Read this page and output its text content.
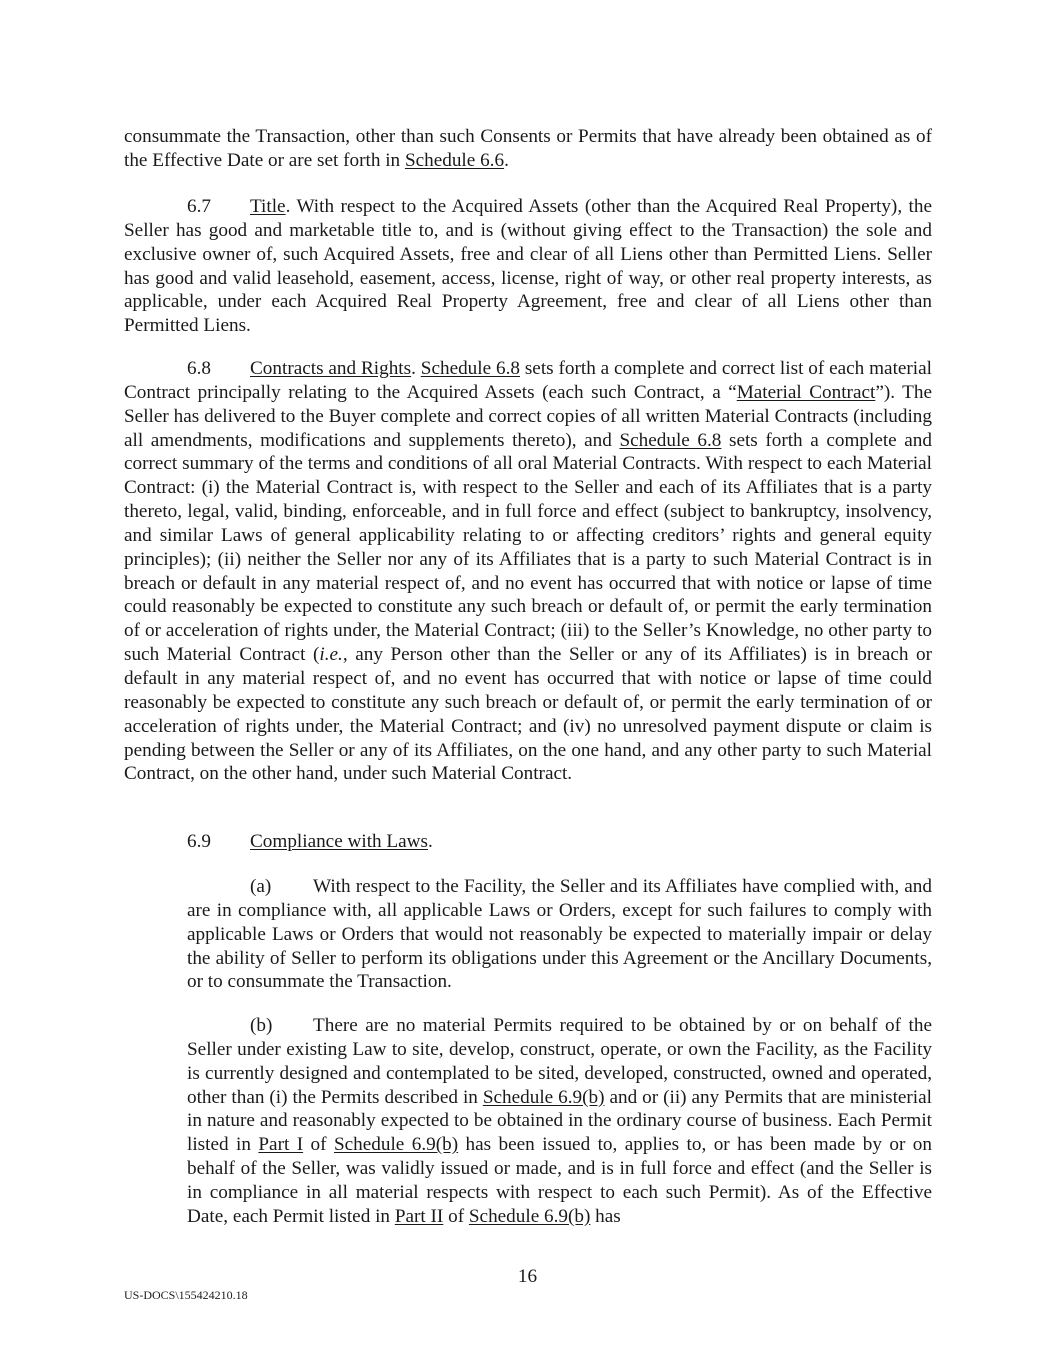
consummate the Transaction, other than such Consents or Permits that have already been obtained as of the Effective Date or are set forth in Schedule 6.6.

6.7 Title. With respect to the Acquired Assets (other than the Acquired Real Property), the Seller has good and marketable title to, and is (without giving effect to the Transaction) the sole and exclusive owner of, such Acquired Assets, free and clear of all Liens other than Permitted Liens. Seller has good and valid leasehold, easement, access, license, right of way, or other real property interests, as applicable, under each Acquired Real Property Agreement, free and clear of all Liens other than Permitted Liens.

6.8 Contracts and Rights. Schedule 6.8 sets forth a complete and correct list of each material Contract principally relating to the Acquired Assets (each such Contract, a “Material Contract”). The Seller has delivered to the Buyer complete and correct copies of all written Material Contracts (including all amendments, modifications and supplements thereto), and Schedule 6.8 sets forth a complete and correct summary of the terms and conditions of all oral Material Contracts. With respect to each Material Contract: (i) the Material Contract is, with respect to the Seller and each of its Affiliates that is a party thereto, legal, valid, binding, enforceable, and in full force and effect (subject to bankruptcy, insolvency, and similar Laws of general applicability relating to or affecting creditors’ rights and general equity principles); (ii) neither the Seller nor any of its Affiliates that is a party to such Material Contract is in breach or default in any material respect of, and no event has occurred that with notice or lapse of time could reasonably be expected to constitute any such breach or default of, or permit the early termination of or acceleration of rights under, the Material Contract; (iii) to the Seller’s Knowledge, no other party to such Material Contract (i.e., any Person other than the Seller or any of its Affiliates) is in breach or default in any material respect of, and no event has occurred that with notice or lapse of time could reasonably be expected to constitute any such breach or default of, or permit the early termination of or acceleration of rights under, the Material Contract; and (iv) no unresolved payment dispute or claim is pending between the Seller or any of its Affiliates, on the one hand, and any other party to such Material Contract, on the other hand, under such Material Contract.

6.9 Compliance with Laws.

(a) With respect to the Facility, the Seller and its Affiliates have complied with, and are in compliance with, all applicable Laws or Orders, except for such failures to comply with applicable Laws or Orders that would not reasonably be expected to materially impair or delay the ability of Seller to perform its obligations under this Agreement or the Ancillary Documents, or to consummate the Transaction.

(b) There are no material Permits required to be obtained by or on behalf of the Seller under existing Law to site, develop, construct, operate, or own the Facility, as the Facility is currently designed and contemplated to be sited, developed, constructed, owned and operated, other than (i) the Permits described in Schedule 6.9(b) and or (ii) any Permits that are ministerial in nature and reasonably expected to be obtained in the ordinary course of business. Each Permit listed in Part I of Schedule 6.9(b) has been issued to, applies to, or has been made by or on behalf of the Seller, was validly issued or made, and is in full force and effect (and the Seller is in compliance in all material respects with respect to each such Permit). As of the Effective Date, each Permit listed in Part II of Schedule 6.9(b) has

16
US-DOCS\155424210.18
